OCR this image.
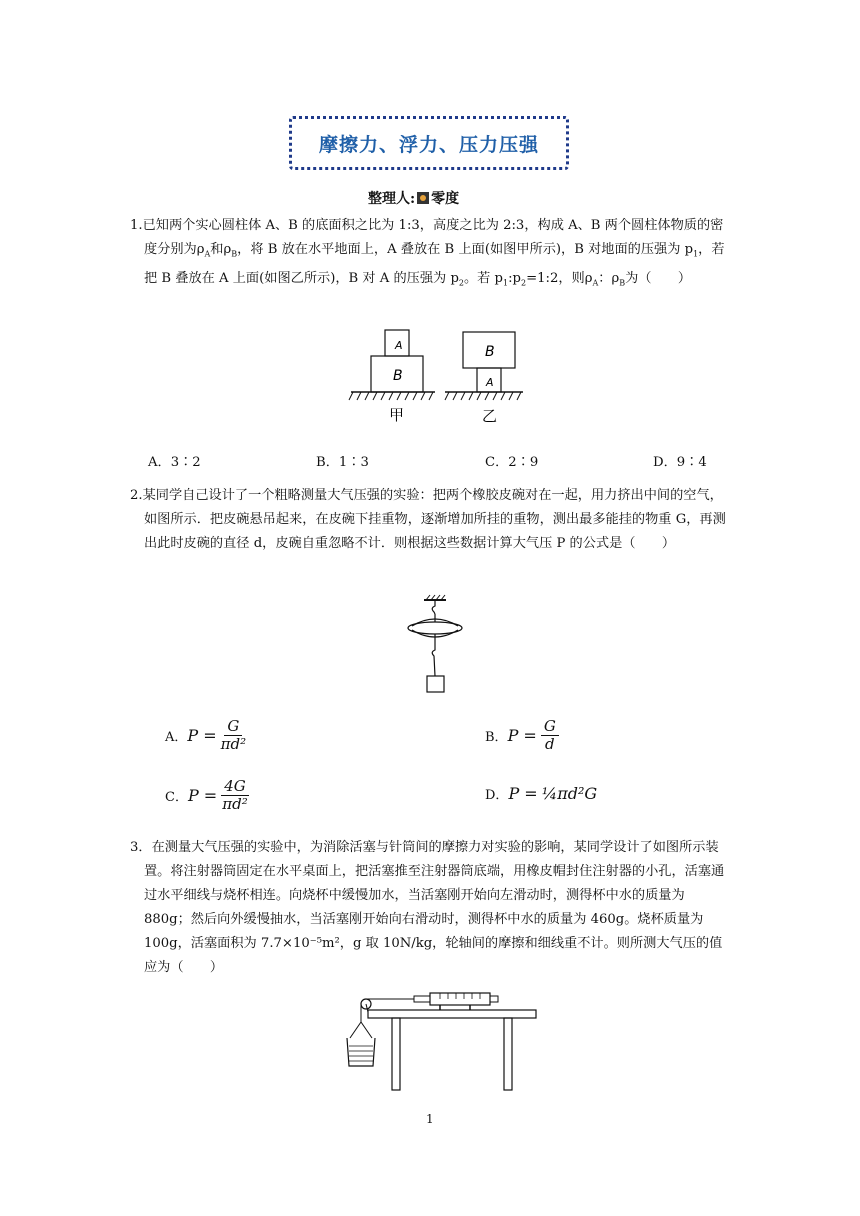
摩擦力、浮力、压力压强
整理人: 零度

1.已知两个实心圆柱体 A、B 的底面积之比为 1:3，高度之比为 2:3，构成 A、B 两个圆柱体物质的密度分别为$\rho_A$和$\rho_B$，将 B 放在水平地面上，A 叠放在 B 上面(如图甲所示)，B 对地面的压强为 $p_1$，若把 B 叠放在 A 上面(如图乙所示)，B 对 A 的压强为 $p_2$。若 $p_1:p_2=1:2$，则$\rho_A$：$\rho_B$为（　　）

A
B
甲
B
A
乙
A．3∶2	B．1∶3	C．2∶9	D．9∶4

2.某同学自己设计了一个粗略测量大气压强的实验：把两个橡胶皮碗对在一起，用力挤出中间的空气，如图所示．把皮碗悬吊起来，在皮碗下挂重物，逐渐增加所挂的重物，测出最多能挂的物重 G，再测出此时皮碗的直径 d，皮碗自重忽略不计．则根据这些数据计算大气压 P 的公式是（　　）

A． $P = \frac{G}{\text{πd²}}$	B． $P = \frac{G}{d}$
C． $P = \frac{4G}{\text{πd²}}$	D． P = ¼πd²G

3．在测量大气压强的实验中，为消除活塞与针筒间的摩擦力对实验的影响，某同学设计了如图所示装置。将注射器筒固定在水平桌面上，把活塞推至注射器筒底端，用橡皮帽封住注射器的小孔，活塞通过水平细线与烧杯相连。向烧杯中缓慢加水，当活塞刚开始向左滑动时，测得杯中水的质量为 880g；然后向外缓慢抽水，当活塞刚开始向右滑动时，测得杯中水的质量为 460g。烧杯质量为 100g，活塞面积为 7.7×10⁻⁵m²，g 取 10N/kg，轮轴间的摩擦和细线重不计。则所测大气压的值应为（　　）

1
